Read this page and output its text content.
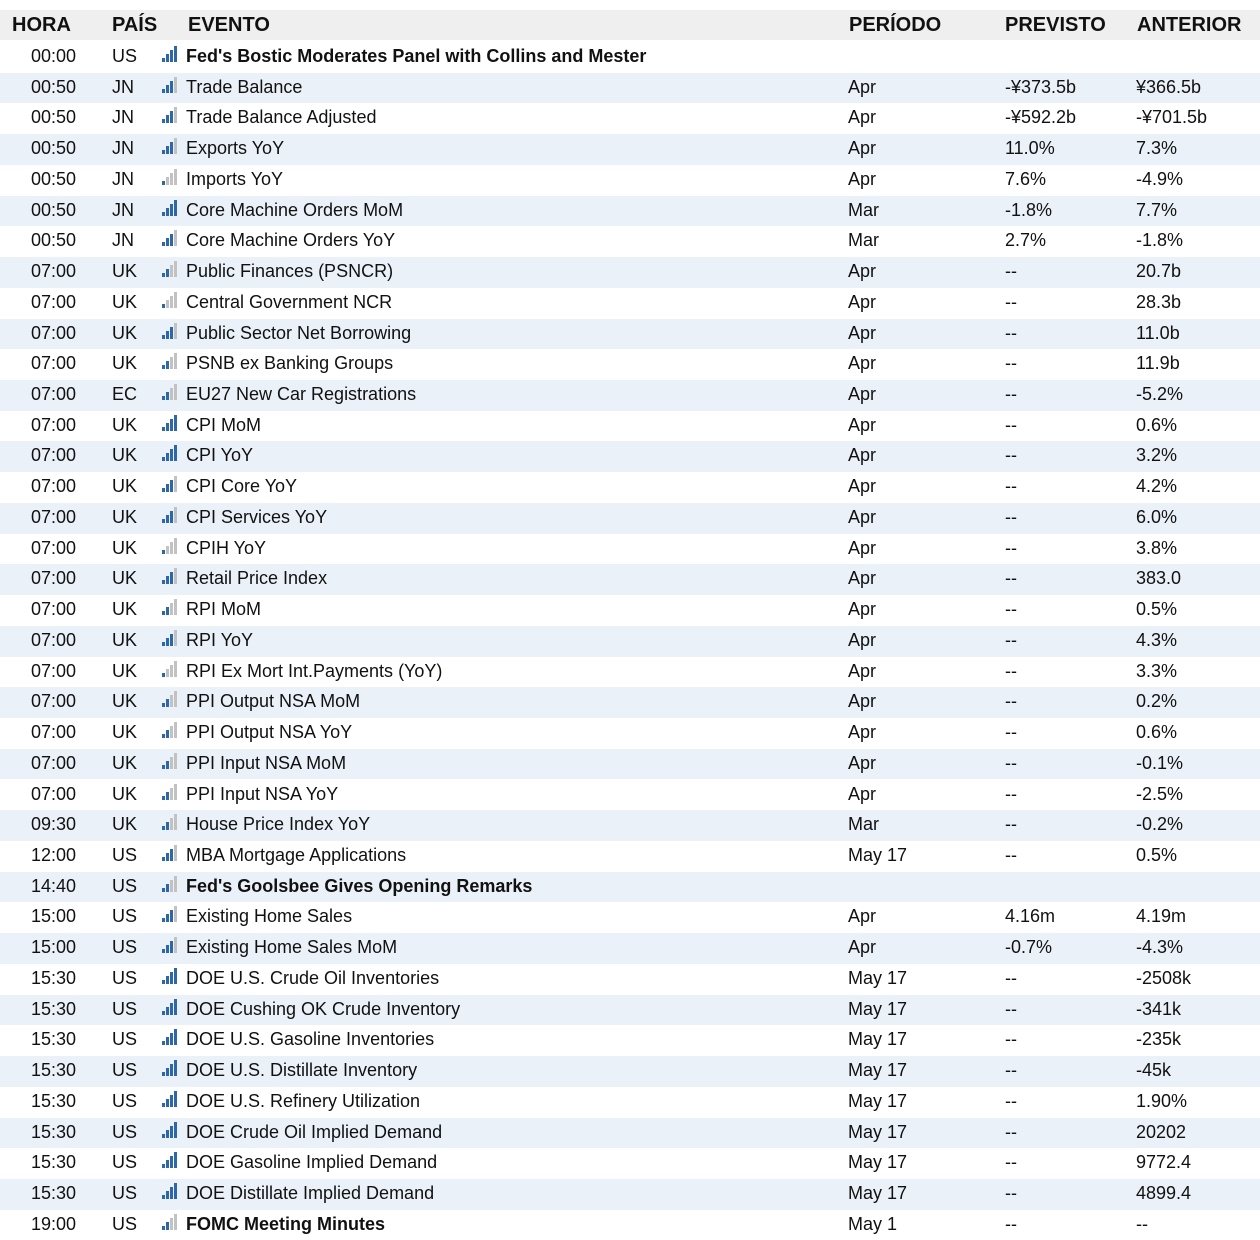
HORA PAÍS EVENTO	PERÍODO	PREVISTO ANTERIOR
00:00 US	Fed's Bostic Moderates Panel with Collins and Mester
00:50 JN	Trade Balance	Apr	-¥373.5b	¥366.5b
00:50 JN	Trade Balance Adjusted	Apr	-¥592.2b	-¥701.5b
00:50 JN	Exports YoY	Apr	11.0%	7.3%
00:50 JN	Imports YoY	Apr	7.6%	-4.9%
00:50 JN	Core Machine Orders MoM	Mar	-1.8%	7.7%
00:50 JN	Core Machine Orders YoY	Mar	2.7%	-1.8%
07:00 UK	Public Finances (PSNCR)	Apr	--	20.7b
07:00 UK	Central Government NCR	Apr	--	28.3b
07:00 UK	Public Sector Net Borrowing	Apr	--	11.0b
07:00 UK	PSNB ex Banking Groups	Apr	--	11.9b
07:00 EC	EU27 New Car Registrations	Apr	--	-5.2%
07:00 UK	CPI MoM	Apr	--	0.6%
07:00 UK	CPI YoY	Apr	--	3.2%
07:00 UK	CPI Core YoY	Apr	--	4.2%
07:00 UK	CPI Services YoY	Apr	--	6.0%
07:00 UK	CPIH YoY	Apr	--	3.8%
07:00 UK	Retail Price Index	Apr	--	383.0
07:00 UK	RPI MoM	Apr	--	0.5%
07:00 UK	RPI YoY	Apr	--	4.3%
07:00 UK	RPI Ex Mort Int.Payments (YoY)	Apr	--	3.3%
07:00 UK	PPI Output NSA MoM	Apr	--	0.2%
07:00 UK	PPI Output NSA YoY	Apr	--	0.6%
07:00 UK	PPI Input NSA MoM	Apr	--	-0.1%
07:00 UK	PPI Input NSA YoY	Apr	--	-2.5%
09:30 UK	House Price Index YoY	Mar	--	-0.2%
12:00 US	MBA Mortgage Applications	May 17	--	0.5%
14:40 US	Fed's Goolsbee Gives Opening Remarks
15:00 US	Existing Home Sales	Apr	4.16m	4.19m
15:00 US	Existing Home Sales MoM	Apr	-0.7%	-4.3%
15:30 US	DOE U.S. Crude Oil Inventories	May 17	--	-2508k
15:30 US	DOE Cushing OK Crude Inventory	May 17	--	-341k
15:30 US	DOE U.S. Gasoline Inventories	May 17	--	-235k
15:30 US	DOE U.S. Distillate Inventory	May 17	--	-45k
15:30 US	DOE U.S. Refinery Utilization	May 17	--	1.90%
15:30 US	DOE Crude Oil Implied Demand	May 17	--	20202
15:30 US	DOE Gasoline Implied Demand	May 17	--	9772.4
15:30 US	DOE Distillate Implied Demand	May 17	--	4899.4
19:00 US	FOMC Meeting Minutes	May 1	--	--
